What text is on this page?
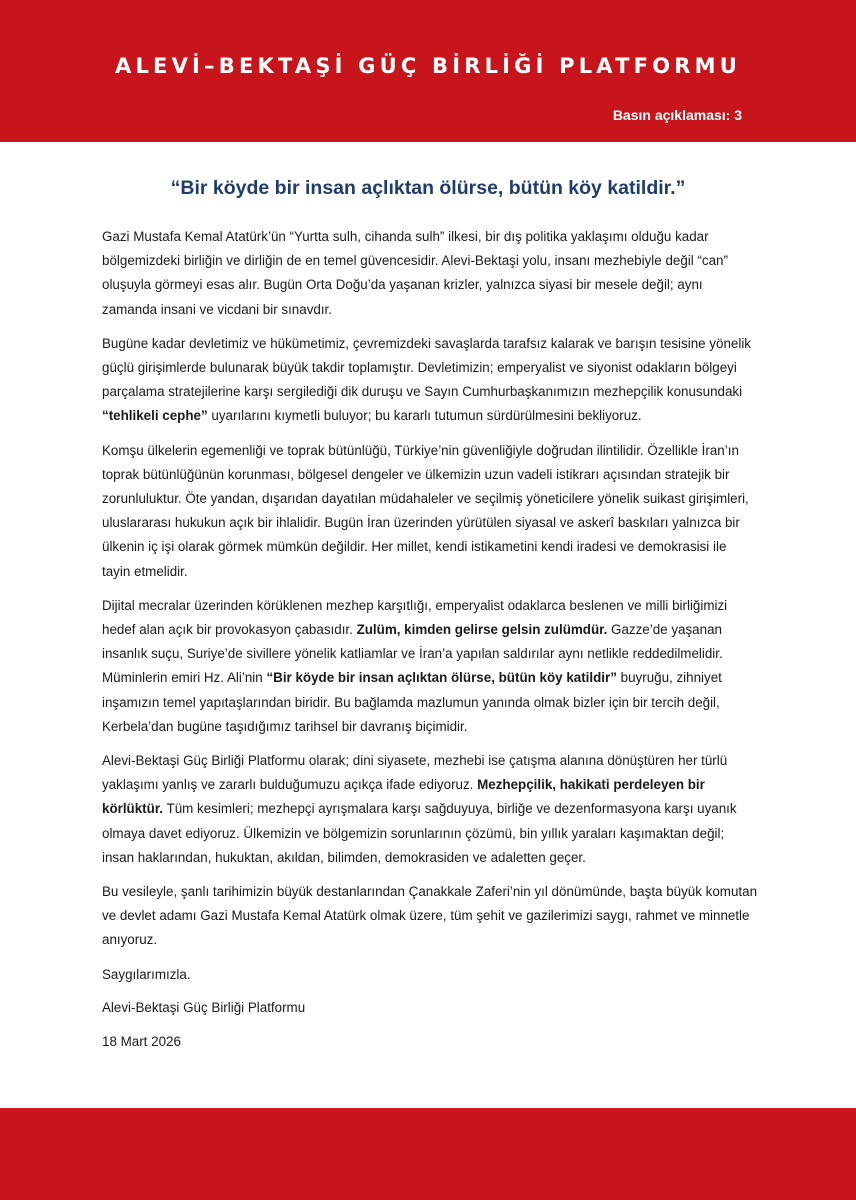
ALEVİ–BEKTAŞİ GÜÇ BİRLİĞİ PLATFORMU
Basın açıklaması: 3
“Bir köyde bir insan açlıktan ölürse, bütün köy katildir.”

Gazi Mustafa Kemal Atatürk’ün “Yurtta sulh, cihanda sulh” ilkesi, bir dış politika yaklaşımı olduğu kadar bölgemizdeki birliğin ve dirliğin de en temel güvencesidir. Alevi-Bektaşi yolu, insanı mezhebiyle değil “can” oluşuyla görmeyi esas alır. Bugün Orta Doğu’da yaşanan krizler, yalnızca siyasi bir mesele değil; aynı zamanda insani ve vicdani bir sınavdır.

Bugüne kadar devletimiz ve hükümetimiz, çevremizdeki savaşlarda tarafsız kalarak ve barışın tesisine yönelik güçlü girişimlerde bulunarak büyük takdir toplamıştır. Devletimizin; emperyalist ve siyonist odakların bölgeyi parçalama stratejilerine karşı sergilediği dik duruşu ve Sayın Cumhurbaşkanımızın mezhepçilik konusundaki “tehlikeli cephe” uyarılarını kıymetli buluyor; bu kararlı tutumun sürdürülmesini bekliyoruz.

Komşu ülkelerin egemenliği ve toprak bütünlüğü, Türkiye’nin güvenliğiyle doğrudan ilintilidir. Özellikle İran’ın toprak bütünlüğünün korunması, bölgesel dengeler ve ülkemizin uzun vadeli istikrarı açısından stratejik bir zorunluluktur. Öte yandan, dışarıdan dayatılan müdahaleler ve seçilmiş yöneticilere yönelik suikast girişimleri, uluslararası hukukun açık bir ihlalidir. Bugün İran üzerinden yürütülen siyasal ve askerî baskıları yalnızca bir ülkenin iç işi olarak görmek mümkün değildir. Her millet, kendi istikametini kendi iradesi ve demokrasisi ile tayin etmelidir.

Dijital mecralar üzerinden körüklenen mezhep karşıtlığı, emperyalist odaklarca beslenen ve milli birliğimizi hedef alan açık bir provokasyon çabasıdır. Zulüm, kimden gelirse gelsin zulümdür. Gazze’de yaşanan insanlık suçu, Suriye’de sivillere yönelik katliamlar ve İran’a yapılan saldırılar aynı netlikle reddedilmelidir. Müminlerin emiri Hz. Ali’nin “Bir köyde bir insan açlıktan ölürse, bütün köy katildir” buyruğu, zihniyet inşamızın temel yapıtaşlarından biridir. Bu bağlamda mazlumun yanında olmak bizler için bir tercih değil, Kerbela’dan bugüne taşıdığımız tarihsel bir davranış biçimidir.

Alevi-Bektaşi Güç Birliği Platformu olarak; dini siyasete, mezhebi ise çatışma alanına dönüştüren her türlü yaklaşımı yanlış ve zararlı bulduğumuzu açıkça ifade ediyoruz. Mezhepçilik, hakikati perdeleyen bir körlüktür. Tüm kesimleri; mezhepçi ayrışmalara karşı sağduyuya, birliğe ve dezenformasyona karşı uyanık olmaya davet ediyoruz. Ülkemizin ve bölgemizin sorunlarının çözümü, bin yıllık yaraları kaşımaktan değil; insan haklarından, hukuktan, akıldan, bilimden, demokrasiden ve adaletten geçer.

Bu vesileyle, şanlı tarihimizin büyük destanlarından Çanakkale Zaferi’nin yıl dönümünde, başta büyük komutan ve devlet adamı Gazi Mustafa Kemal Atatürk olmak üzere, tüm şehit ve gazilerimizi saygı, rahmet ve minnetle anıyoruz.

Saygılarımızla.

Alevi-Bektaşi Güç Birliği Platformu

18 Mart 2026
